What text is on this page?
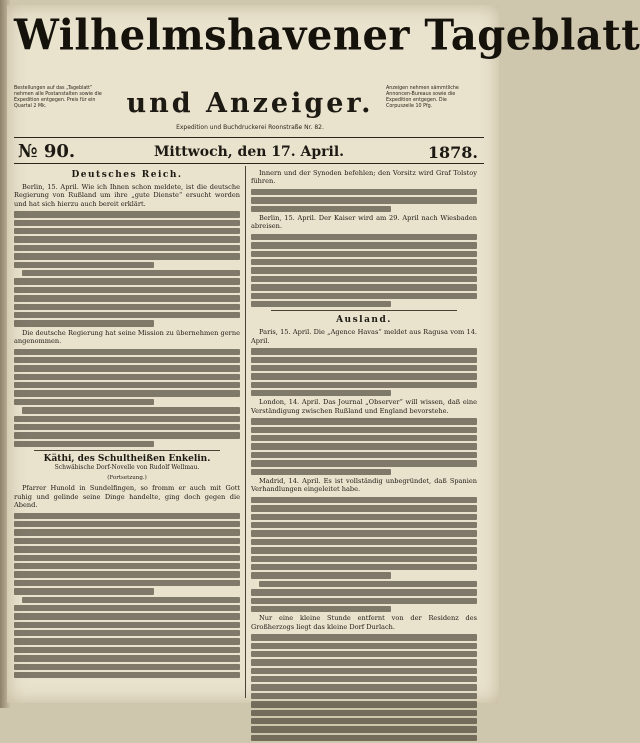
Wilhelmshavener Tageblatt
Bestellungen auf das „Tageblatt“ nehmen alle Postanstalten sowie die Expedition entgegen. Preis für ein Quartal 2 Mk.	und Anzeiger.	Anzeigen nehmen sämmtliche Annoncen-Bureaus sowie die Expedition entgegen. Die Corpuszeile 10 Pfg.
Expedition und Buchdruckerei Roonstraße Nr. 82.
№ 90.	Mittwoch, den 17. April.	1878.
Deutsches Reich.
Berlin, 15. April. Wie ich Ihnen schon meldete, ist die deutsche Regierung von Rußland um ihre „gute Dienste“ ersucht worden und hat sich hierzu auch bereit erklärt.
Die deutsche Regierung hat seine Mission zu übernehmen gerne angenommen.
Käthi, des Schultheißen Enkelin.
Schwäbische Dorf-Novelle von Rudolf Wellmau.
(Fortsetzung.)
Pfarrer Hunold in Sundelfingen, so fromm er auch mit Gott ruhig und gelinde seine Dinge handelte, ging doch gegen die Abend.
Innern und der Synoden befehlen; den Vorsitz wird Graf Tolstoy führen.
Berlin, 15. April. Der Kaiser wird am 29. April nach Wiesbaden abreisen.
Ausland.
Paris, 15. April. Die „Agence Havas“ meldet aus Ragusa vom 14. April.
London, 14. April. Das Journal „Observer“ will wissen, daß eine Verständigung zwischen Rußland und England bevorstehe.
Madrid, 14. April. Es ist vollständig unbegründet, daß Spanien Verhandlungen eingeleitet habe.
Nur eine kleine Stunde entfernt von der Residenz des Großherzogs liegt das kleine Dorf Durlach.
